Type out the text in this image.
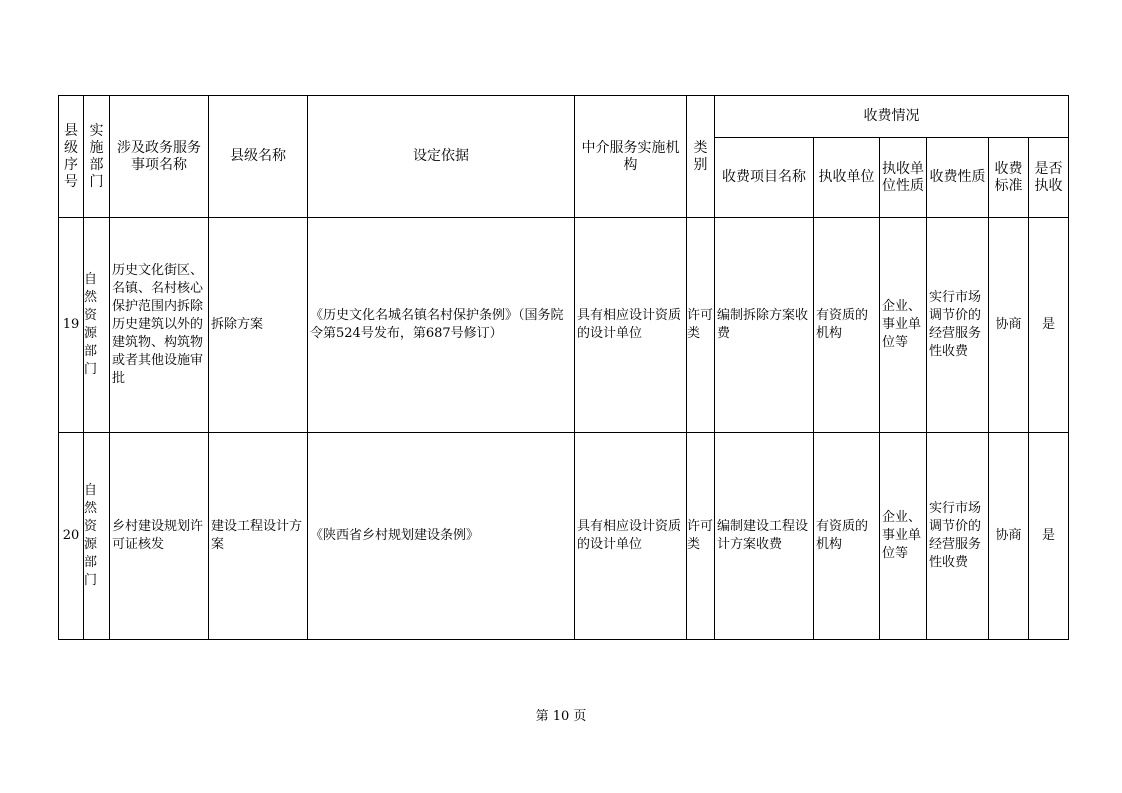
县级序号	实施部门	涉及政务服务事项名称	县级名称	设定依据	中介服务实施机构	类别	收费情况					
							收费项目名称	执收单位	执收单位性质	收费性质	收费标准	是否执收
19	自然资源部门	历史文化街区、名镇、名村核心保护范围内拆除历史建筑以外的建筑物、构筑物或者其他设施审批	拆除方案	《历史文化名城名镇名村保护条例》（国务院令第524号发布，第687号修订）	具有相应设计资质的设计单位	许可类	编制拆除方案收费	有资质的机构	企业、事业单位等	实行市场调节价的经营服务性收费	协商	是
20	自然资源部门	乡村建设规划许可证核发	建设工程设计方案	《陕西省乡村规划建设条例》	具有相应设计资质的设计单位	许可类	编制建设工程设计方案收费	有资质的机构	企业、事业单位等	实行市场调节价的经营服务性收费	协商	是
第 10 页
